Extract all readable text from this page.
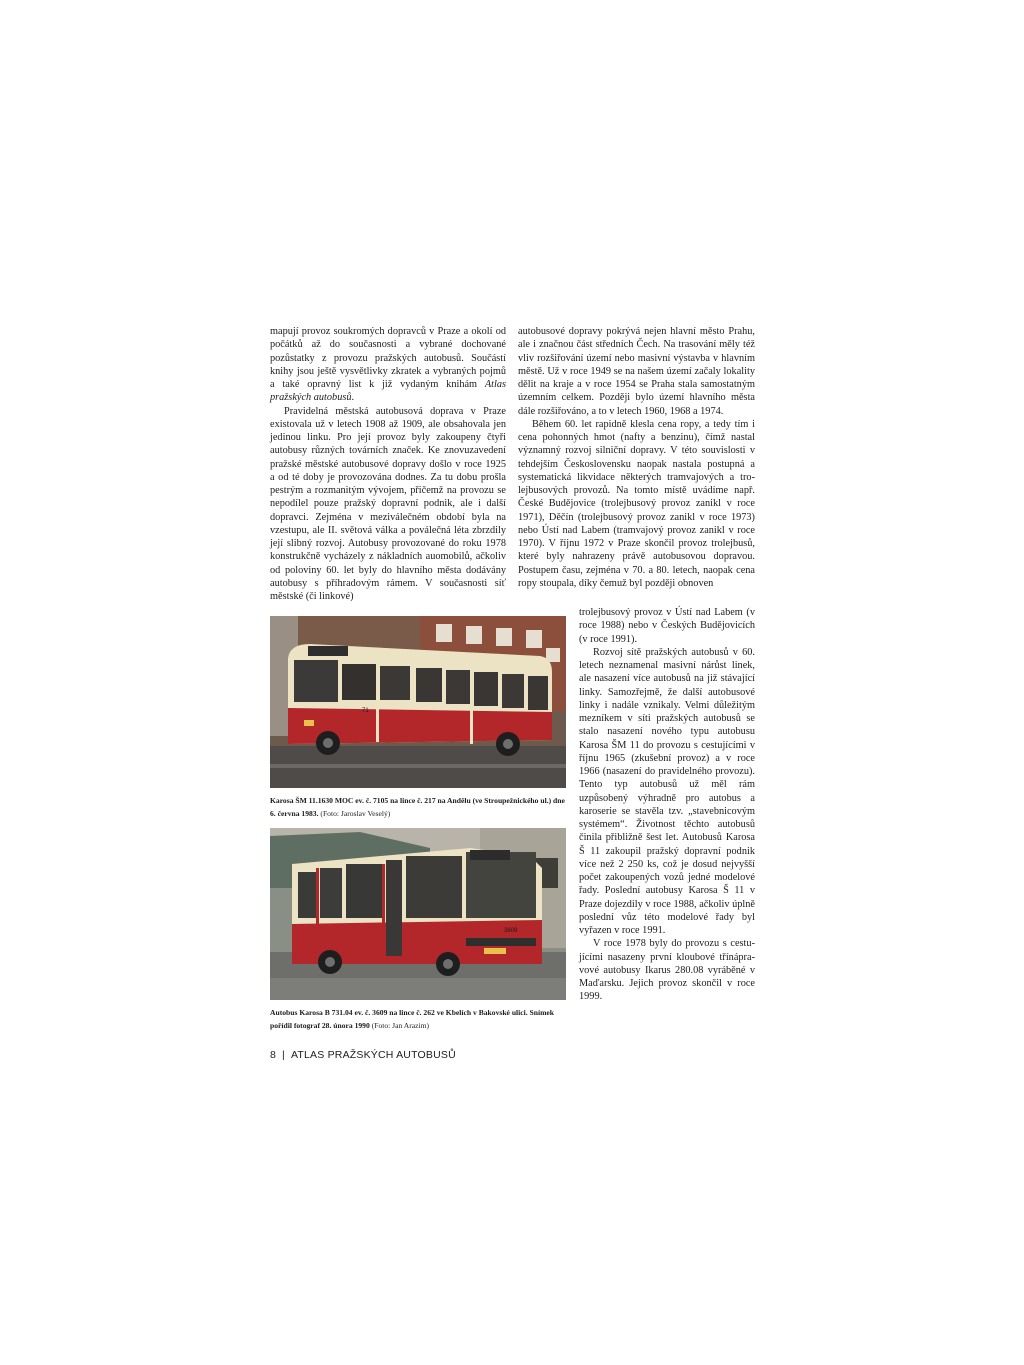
mapují provoz soukromých dopravců v Praze a okolí od počátků až do současnosti a vybrané dochované pozůstatky z provozu pražských autobusů. Součástí knihy jsou ještě vysvětlivky zkratek a vybraných pojmů a také opravný list k již vydaným knihám Atlas pražských autobusů.

Pravidelná městská autobusová doprava v Praze existovala už v letech 1908 až 1909, ale obsahovala jen jedinou linku. Pro její provoz byly zakoupeny čtyři autobusy různých továrních značek. Ke znovuzavedení pražské městské autobusové dopravy došlo v roce 1925 a od té doby je provozována dodnes. Za tu dobu prošla pestrým a rozmanitým vývojem, přičemž na provozu se nepodílel pouze pražský dopravní podnik, ale i další dopravci. Zejména v meziválečném období byla na vzestupu, ale II. světová válka a poválečná léta zbrzdily její slibný rozvoj. Autobusy provozované do roku 1978 konstrukčně vycházely z nákladních auomobilů, ačkoliv od poloviny 60. let byly do hlavního města dodávány autobusy s příhradovým rámem. V současnosti síť městské (či linkové)

autobusové dopravy pokrývá nejen hlavní město Prahu, ale i značnou část středních Čech. Na trasování měly též vliv rozšiřování území nebo masivní výstavba v hlavním městě. Už v roce 1949 se na našem území začaly lokality dělit na kraje a v roce 1954 se Praha stala samostatným územním celkem. Později bylo území hlavního města dále rozšiřováno, a to v letech 1960, 1968 a 1974.

Během 60. let rapidně klesla cena ropy, a tedy tím i cena pohonných hmot (nafty a benzinu), čímž nastal významný rozvoj silniční dopravy. V této souvislosti v tehdejším Československu naopak nastala postupná a systematická likvidace některých tramvajových a trolejbusových provozů. Na tomto místě uvádíme např. České Budějovice (trolejbusový provoz zanikl v roce 1971), Děčín (trolejbusový provoz zanikl v roce 1973) nebo Ústí nad Labem (tramvajový provoz zanikl v roce 1970). V říjnu 1972 v Praze skončil provoz trolejbusů, které byly nahrazeny právě autobusovou dopravou. Postupem času, zejména v 70. a 80. letech, naopak cena ropy stoupala, díky čemuž byl později obnoven

trolejbusový provoz v Ústí nad Labem (v roce 1988) nebo v Českých Budějovicích (v roce 1991).

Rozvoj sítě pražských autobusů v 60. letech neznamenal masivní nárůst linek, ale nasazení více autobusů na již stávající linky. Samozřejmě, že další autobusové linky i nadále vznikaly. Velmi důležitým mezníkem v síti pražských autobusů se stalo nasazení nového typu autobusu Karosa ŠM 11 do provozu s cestujícími v říjnu 1965 (zkušební provoz) a v roce 1966 (nasazení do pravidelného provozu). Tento typ autobusů už měl rám uzpůsobený výhradně pro autobus a karoserie se stavěla tzv. „stavebnicovým systémem“. Životnost těchto autobusů činila přibližně šest let. Autobusů Karosa Š 11 zakoupil pražský dopravní podnik více než 2 250 ks, což je dosud nejvyšší počet zakoupených vozů jedné modelové řady. Poslední autobusy Karosa Š 11 v Praze dojezdily v roce 1988, ačkoliv úplně poslední vůz této modelové řady byl vyřazen v roce 1991.

V roce 1978 byly do provozu s cestujícími nasazeny první kloubové třínápravové autobusy Ikarus 280.08 vyráběné v Maďarsku. Jejich provoz skončil v roce 1999.

71
Karosa ŠM 11.1630 MOC ev. č. 7105 na lince č. 217 na Andělu (ve Stroupežnického ul.) dne 6. června 1983. (Foto: Jaroslav Veselý)
3609
Autobus Karosa B 731.04 ev. č. 3609 na lince č. 262 ve Kbelích v Bakovské ulici. Snímek pořídil fotograf 28. února 1990 (Foto: Jan Arazim)
8 | ATLAS PRAŽSKÝCH AUTOBUSŮ
